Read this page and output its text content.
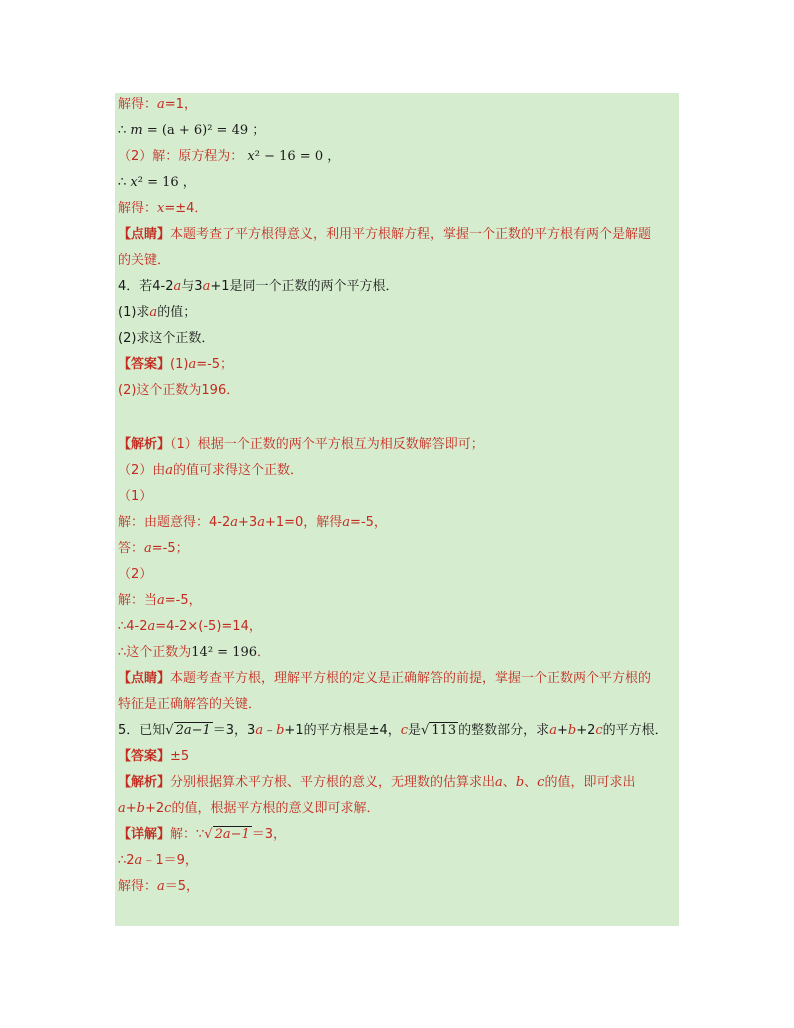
解得：a=1，
∴ m = (a + 6)² = 49 ；
（2）解：原方程为： x² − 16 = 0 ，
∴ x² = 16 ，
解得：x=±4．
【点睛】本题考查了平方根得意义，利用平方根解方程，掌握一个正数的平方根有两个是解题
的关键．
4．若4-2a与3a+1是同一个正数的两个平方根．
(1)求a的值；
(2)求这个正数．
【答案】(1)a=-5；
(2)这个正数为196．
【解析】（1）根据一个正数的两个平方根互为相反数解答即可；
（2）由a的值可求得这个正数．
（1）
解：由题意得：4-2a+3a+1=0，解得a=-5，
答：a=-5；
（2）
解：当a=-5，
∴4-2a=4-2×(-5)=14，
∴这个正数为14² = 196．
【点睛】本题考查平方根，理解平方根的定义是正确解答的前提，掌握一个正数两个平方根的
特征是正确解答的关键．
5．已知√ 2a−1 ＝3，3a﹣b+1的平方根是±4，c是√ 113 的整数部分，求a+b+2c的平方根．
【答案】±5
【解析】分别根据算术平方根、平方根的意义，无理数的估算求出a、b、c的值，即可求出
a+b+2c的值，根据平方根的意义即可求解．
【详解】解：∵√ 2a−1 ＝3，
∴2a﹣1＝9，
解得：a＝5，
